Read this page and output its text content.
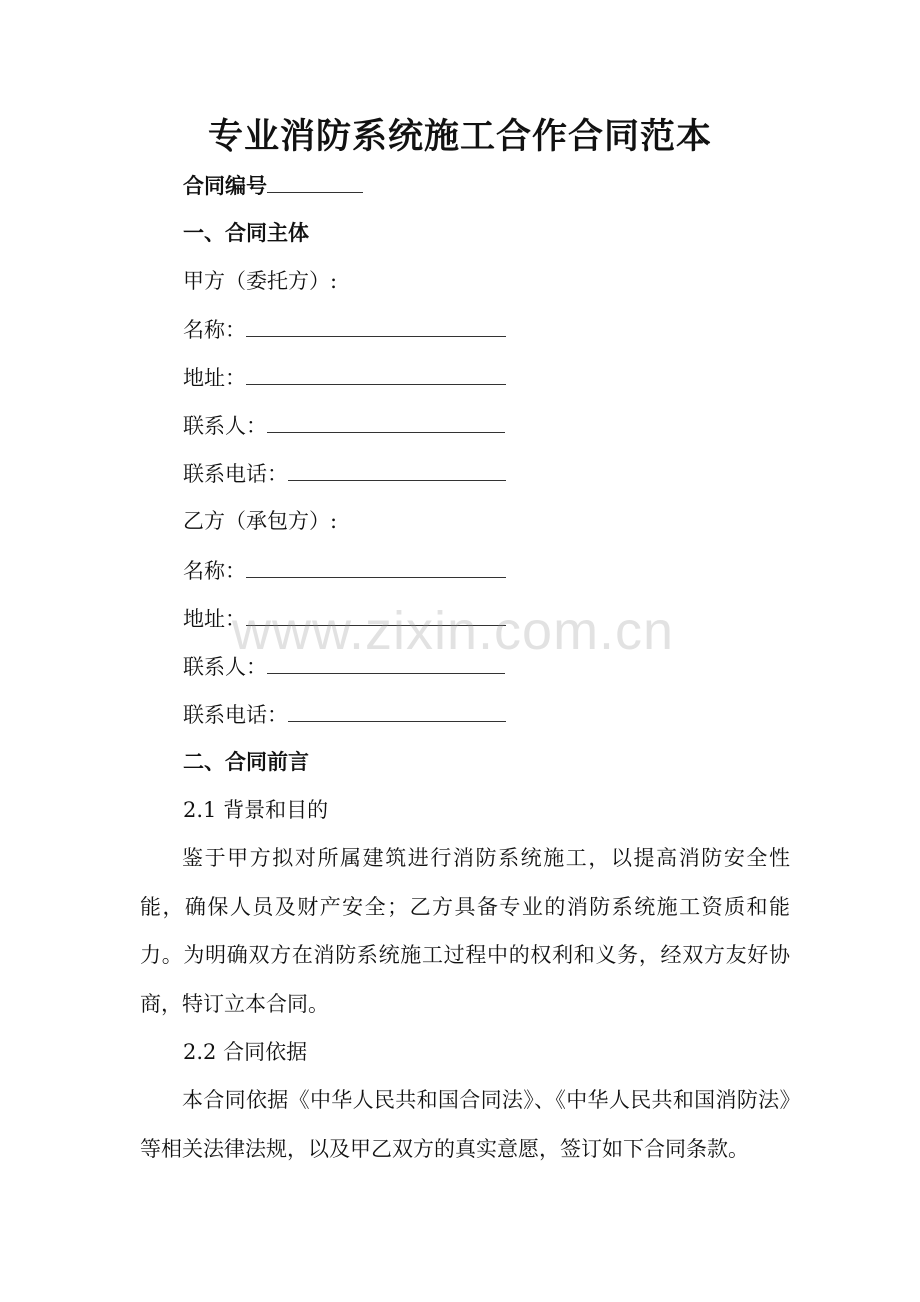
专业消防系统施工合作合同范本
合同编号
一、合同主体
甲方（委托方）:
名称：
地址：
联系人：
联系电话：
乙方（承包方）:
名称：
地址：
联系人：
联系电话：
二、合同前言
2.1 背景和目的

鉴于甲方拟对所属建筑进行消防系统施工，以提高消防安全性能，确保人员及财产安全；乙方具备专业的消防系统施工资质和能力。为明确双方在消防系统施工过程中的权利和义务，经双方友好协商，特订立本合同。

2.2 合同依据

本合同依据《中华人民共和国合同法》、《中华人民共和国消防法》等相关法律法规，以及甲乙双方的真实意愿，签订如下合同条款。

www.zixin.com.cn
